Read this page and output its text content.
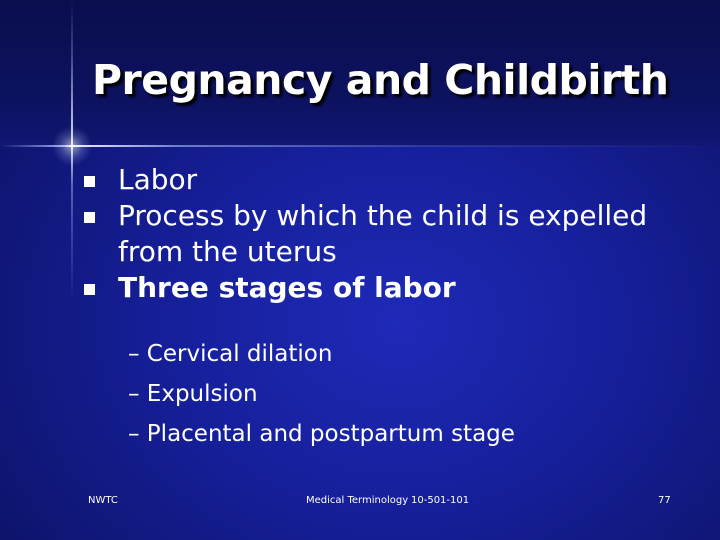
Pregnancy and Childbirth
Labor
Process by which the child is expelled from the uterus
Three stages of labor
– Cervical dilation
– Expulsion
– Placental and postpartum stage
NWTC	Medical Terminology 10-501-101	77
